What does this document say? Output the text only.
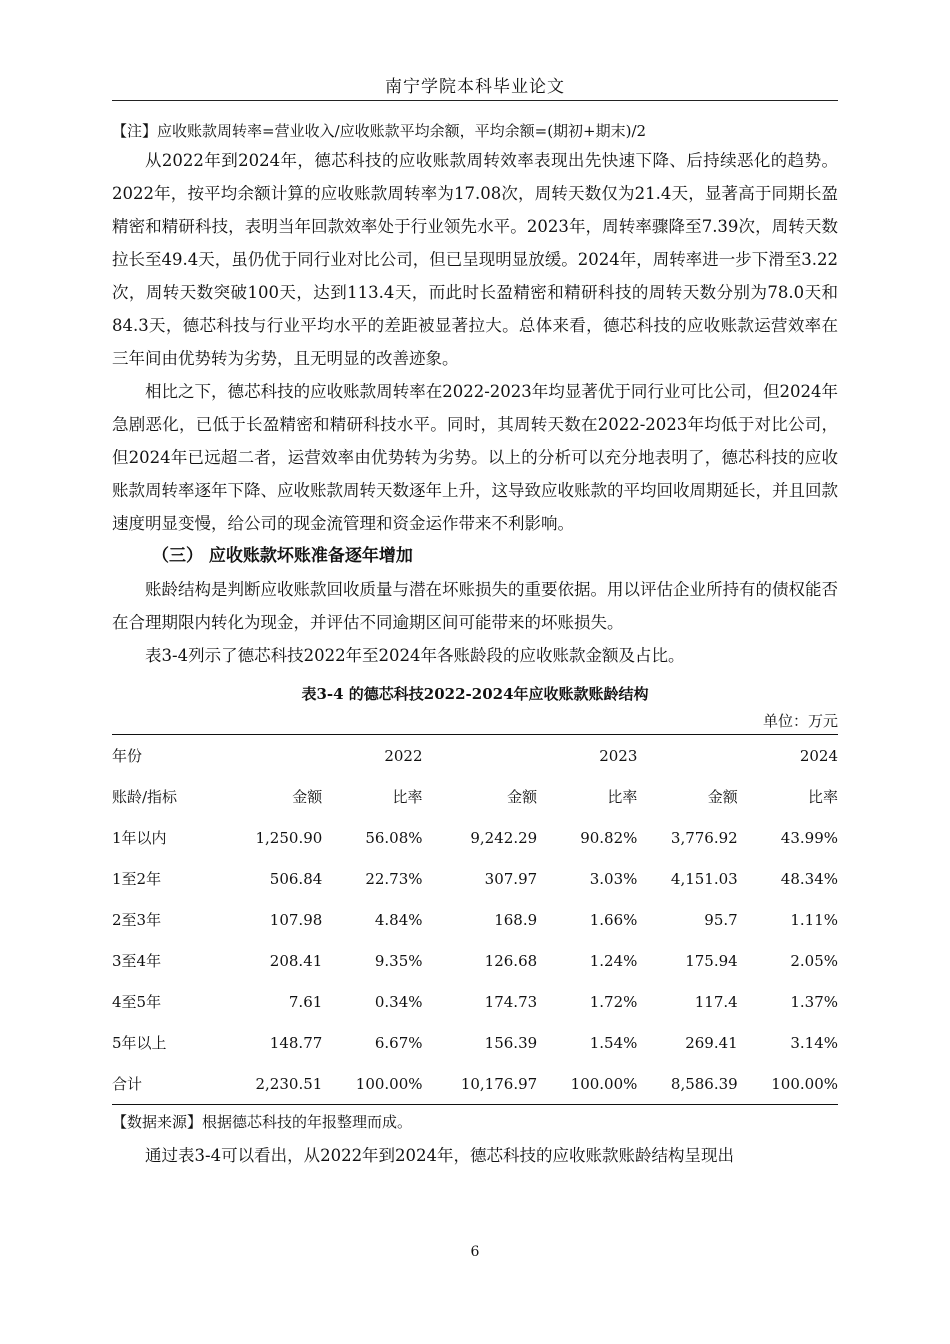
南宁学院本科毕业论文
【注】应收账款周转率=营业收入/应收账款平均余额，平均余额=(期初+期末)/2

从2022年到2024年，德芯科技的应收账款周转效率表现出先快速下降、后持续恶化的趋势。2022年，按平均余额计算的应收账款周转率为17.08次，周转天数仅为21.4天，显著高于同期长盈精密和精研科技，表明当年回款效率处于行业领先水平。2023年，周转率骤降至7.39次，周转天数拉长至49.4天，虽仍优于同行业对比公司，但已呈现明显放缓。2024年，周转率进一步下滑至3.22次，周转天数突破100天，达到113.4天，而此时长盈精密和精研科技的周转天数分别为78.0天和84.3天，德芯科技与行业平均水平的差距被显著拉大。总体来看，德芯科技的应收账款运营效率在三年间由优势转为劣势，且无明显的改善迹象。

相比之下，德芯科技的应收账款周转率在2022-2023年均显著优于同行业可比公司，但2024年急剧恶化，已低于长盈精密和精研科技水平。同时，其周转天数在2022-2023年均低于对比公司，但2024年已远超二者，运营效率由优势转为劣势。以上的分析可以充分地表明了，德芯科技的应收账款周转率逐年下降、应收账款周转天数逐年上升，这导致应收账款的平均回收周期延长，并且回款速度明显变慢，给公司的现金流管理和资金运作带来不利影响。

（三） 应收账款坏账准备逐年增加

账龄结构是判断应收账款回收质量与潜在坏账损失的重要依据。用以评估企业所持有的债权能否在合理期限内转化为现金，并评估不同逾期区间可能带来的坏账损失。

表3-4列示了德芯科技2022年至2024年各账龄段的应收账款金额及占比。

表3-4 的德芯科技2022-2024年应收账款账龄结构
单位：万元
年份		2022		2023		2024
账龄/指标	金额	比率	金额	比率	金额	比率
1年以内	1,250.90	56.08%	9,242.29	90.82%	3,776.92	43.99%
1至2年	506.84	22.73%	307.97	3.03%	4,151.03	48.34%
2至3年	107.98	4.84%	168.9	1.66%	95.7	1.11%
3至4年	208.41	9.35%	126.68	1.24%	175.94	2.05%
4至5年	7.61	0.34%	174.73	1.72%	117.4	1.37%
5年以上	148.77	6.67%	156.39	1.54%	269.41	3.14%
合计	2,230.51	100.00%	10,176.97	100.00%	8,586.39	100.00%
【数据来源】根据德芯科技的年报整理而成。

通过表3-4可以看出，从2022年到2024年，德芯科技的应收账款账龄结构呈现出

6
